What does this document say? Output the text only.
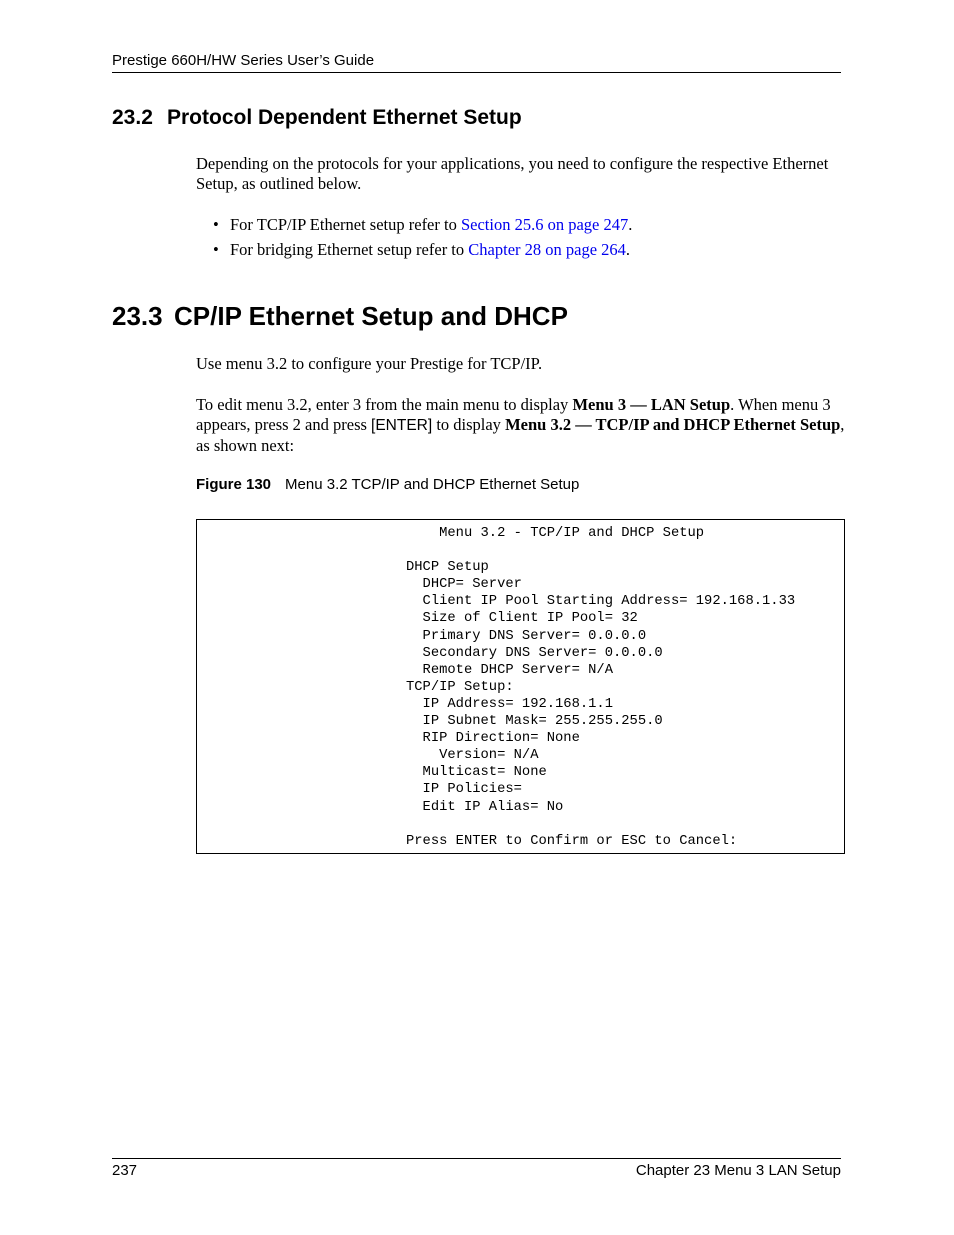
Prestige 660H/HW Series User’s Guide
23.2 Protocol Dependent Ethernet Setup
Depending on the protocols for your applications, you need to configure the respective Ethernet Setup, as outlined below.
• For TCP/IP Ethernet setup refer to Section 25.6 on page 247.
• For bridging Ethernet setup refer to Chapter 28 on page 264.
23.3 CP/IP Ethernet Setup and DHCP
Use menu 3.2 to configure your Prestige for TCP/IP.
To edit menu 3.2, enter 3 from the main menu to display Menu 3 — LAN Setup. When menu 3 appears, press 2 and press [ENTER] to display Menu 3.2 — TCP/IP and DHCP Ethernet Setup, as shown next:
Figure 130 Menu 3.2 TCP/IP and DHCP Ethernet Setup
Menu 3.2 - TCP/IP and DHCP Setup

DHCP Setup
DHCP= Server
Client IP Pool Starting Address= 192.168.1.33
Size of Client IP Pool= 32
Primary DNS Server= 0.0.0.0
Secondary DNS Server= 0.0.0.0
Remote DHCP Server= N/A
TCP/IP Setup:
IP Address= 192.168.1.1
IP Subnet Mask= 255.255.255.0
RIP Direction= None
Version= N/A
Multicast= None
IP Policies=
Edit IP Alias= No

Press ENTER to Confirm or ESC to Cancel:

237	Chapter 23 Menu 3 LAN Setup
